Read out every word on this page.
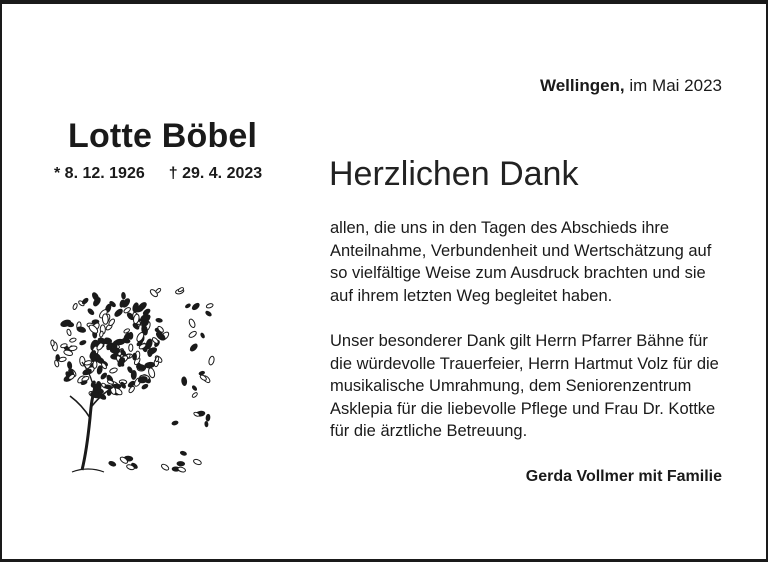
Wellingen, im Mai 2023
Lotte Böbel
* 8. 12. 1926 † 29. 4. 2023 Herzlichen Dank

allen, die uns in den Tagen des Abschieds ihre
Anteilnahme, Verbundenheit und Wertschätzung auf
so vielfältige Weise zum Ausdruck brachten und sie
auf ihrem letzten Weg begleitet haben.

Unser besonderer Dank gilt Herrn Pfarrer Bähne für
die würdevolle Trauerfeier, Herrn Hartmut Volz für die
musikalische Umrahmung, dem Seniorenzentrum
Asklepia für die liebevolle Pflege und Frau Dr. Kottke
für die ärztliche Betreuung.

Gerda Vollmer mit Familie
